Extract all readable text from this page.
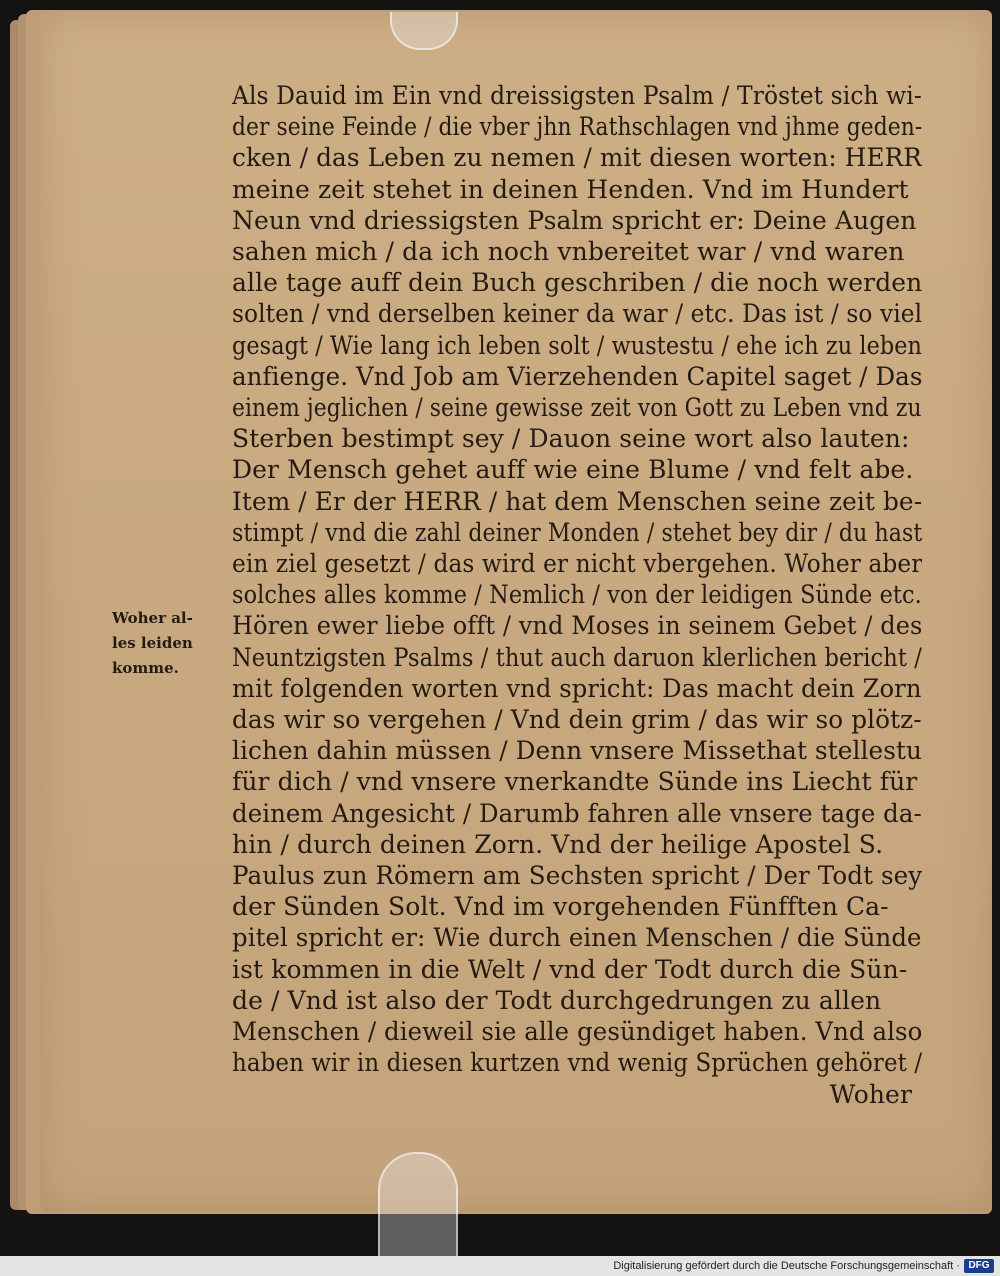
Als Dauid im Ein vnd dreissigsten Psalm / Tröstet sich wi-
der seine Feinde / die vber jhn Rathschlagen vnd jhme geden-
cken / das Leben zu nemen / mit diesen worten: HERR
meine zeit stehet in deinen Henden. Vnd im Hundert
Neun vnd driessigsten Psalm spricht er: Deine Augen
sahen mich / da ich noch vnbereitet war / vnd waren
alle tage auff dein Buch geschriben / die noch werden
solten / vnd derselben keiner da war / etc. Das ist / so viel
gesagt / Wie lang ich leben solt / wustestu / ehe ich zu leben
anfienge. Vnd Job am Vierzehenden Capitel saget / Das
einem jeglichen / seine gewisse zeit von Gott zu Leben vnd zu
Sterben bestimpt sey / Dauon seine wort also lauten:
Der Mensch gehet auff wie eine Blume / vnd felt abe.
Item / Er der HERR / hat dem Menschen seine zeit be-
stimpt / vnd die zahl deiner Monden / stehet bey dir / du hast
ein ziel gesetzt / das wird er nicht vbergehen. Woher aber
solches alles komme / Nemlich / von der leidigen Sünde etc.
Hören ewer liebe offt / vnd Moses in seinem Gebet / des
Neuntzigsten Psalms / thut auch daruon klerlichen bericht /
mit folgenden worten vnd spricht: Das macht dein Zorn
das wir so vergehen / Vnd dein grim / das wir so plötz-
lichen dahin müssen / Denn vnsere Missethat stellestu
für dich / vnd vnsere vnerkandte Sünde ins Liecht für
deinem Angesicht / Darumb fahren alle vnsere tage da-
hin / durch deinen Zorn. Vnd der heilige Apostel S.
Paulus zun Römern am Sechsten spricht / Der Todt sey
der Sünden Solt. Vnd im vorgehenden Fünfften Ca-
pitel spricht er: Wie durch einen Menschen / die Sünde
ist kommen in die Welt / vnd der Todt durch die Sün-
de / Vnd ist also der Todt durchgedrungen zu allen
Menschen / dieweil sie alle gesündiget haben. Vnd also
haben wir in diesen kurtzen vnd wenig Sprüchen gehöret /
Woher
Woher al-
les leiden
komme.
Digitalisierung gefördert durch die Deutsche Forschungsgemeinschaft · DFG
